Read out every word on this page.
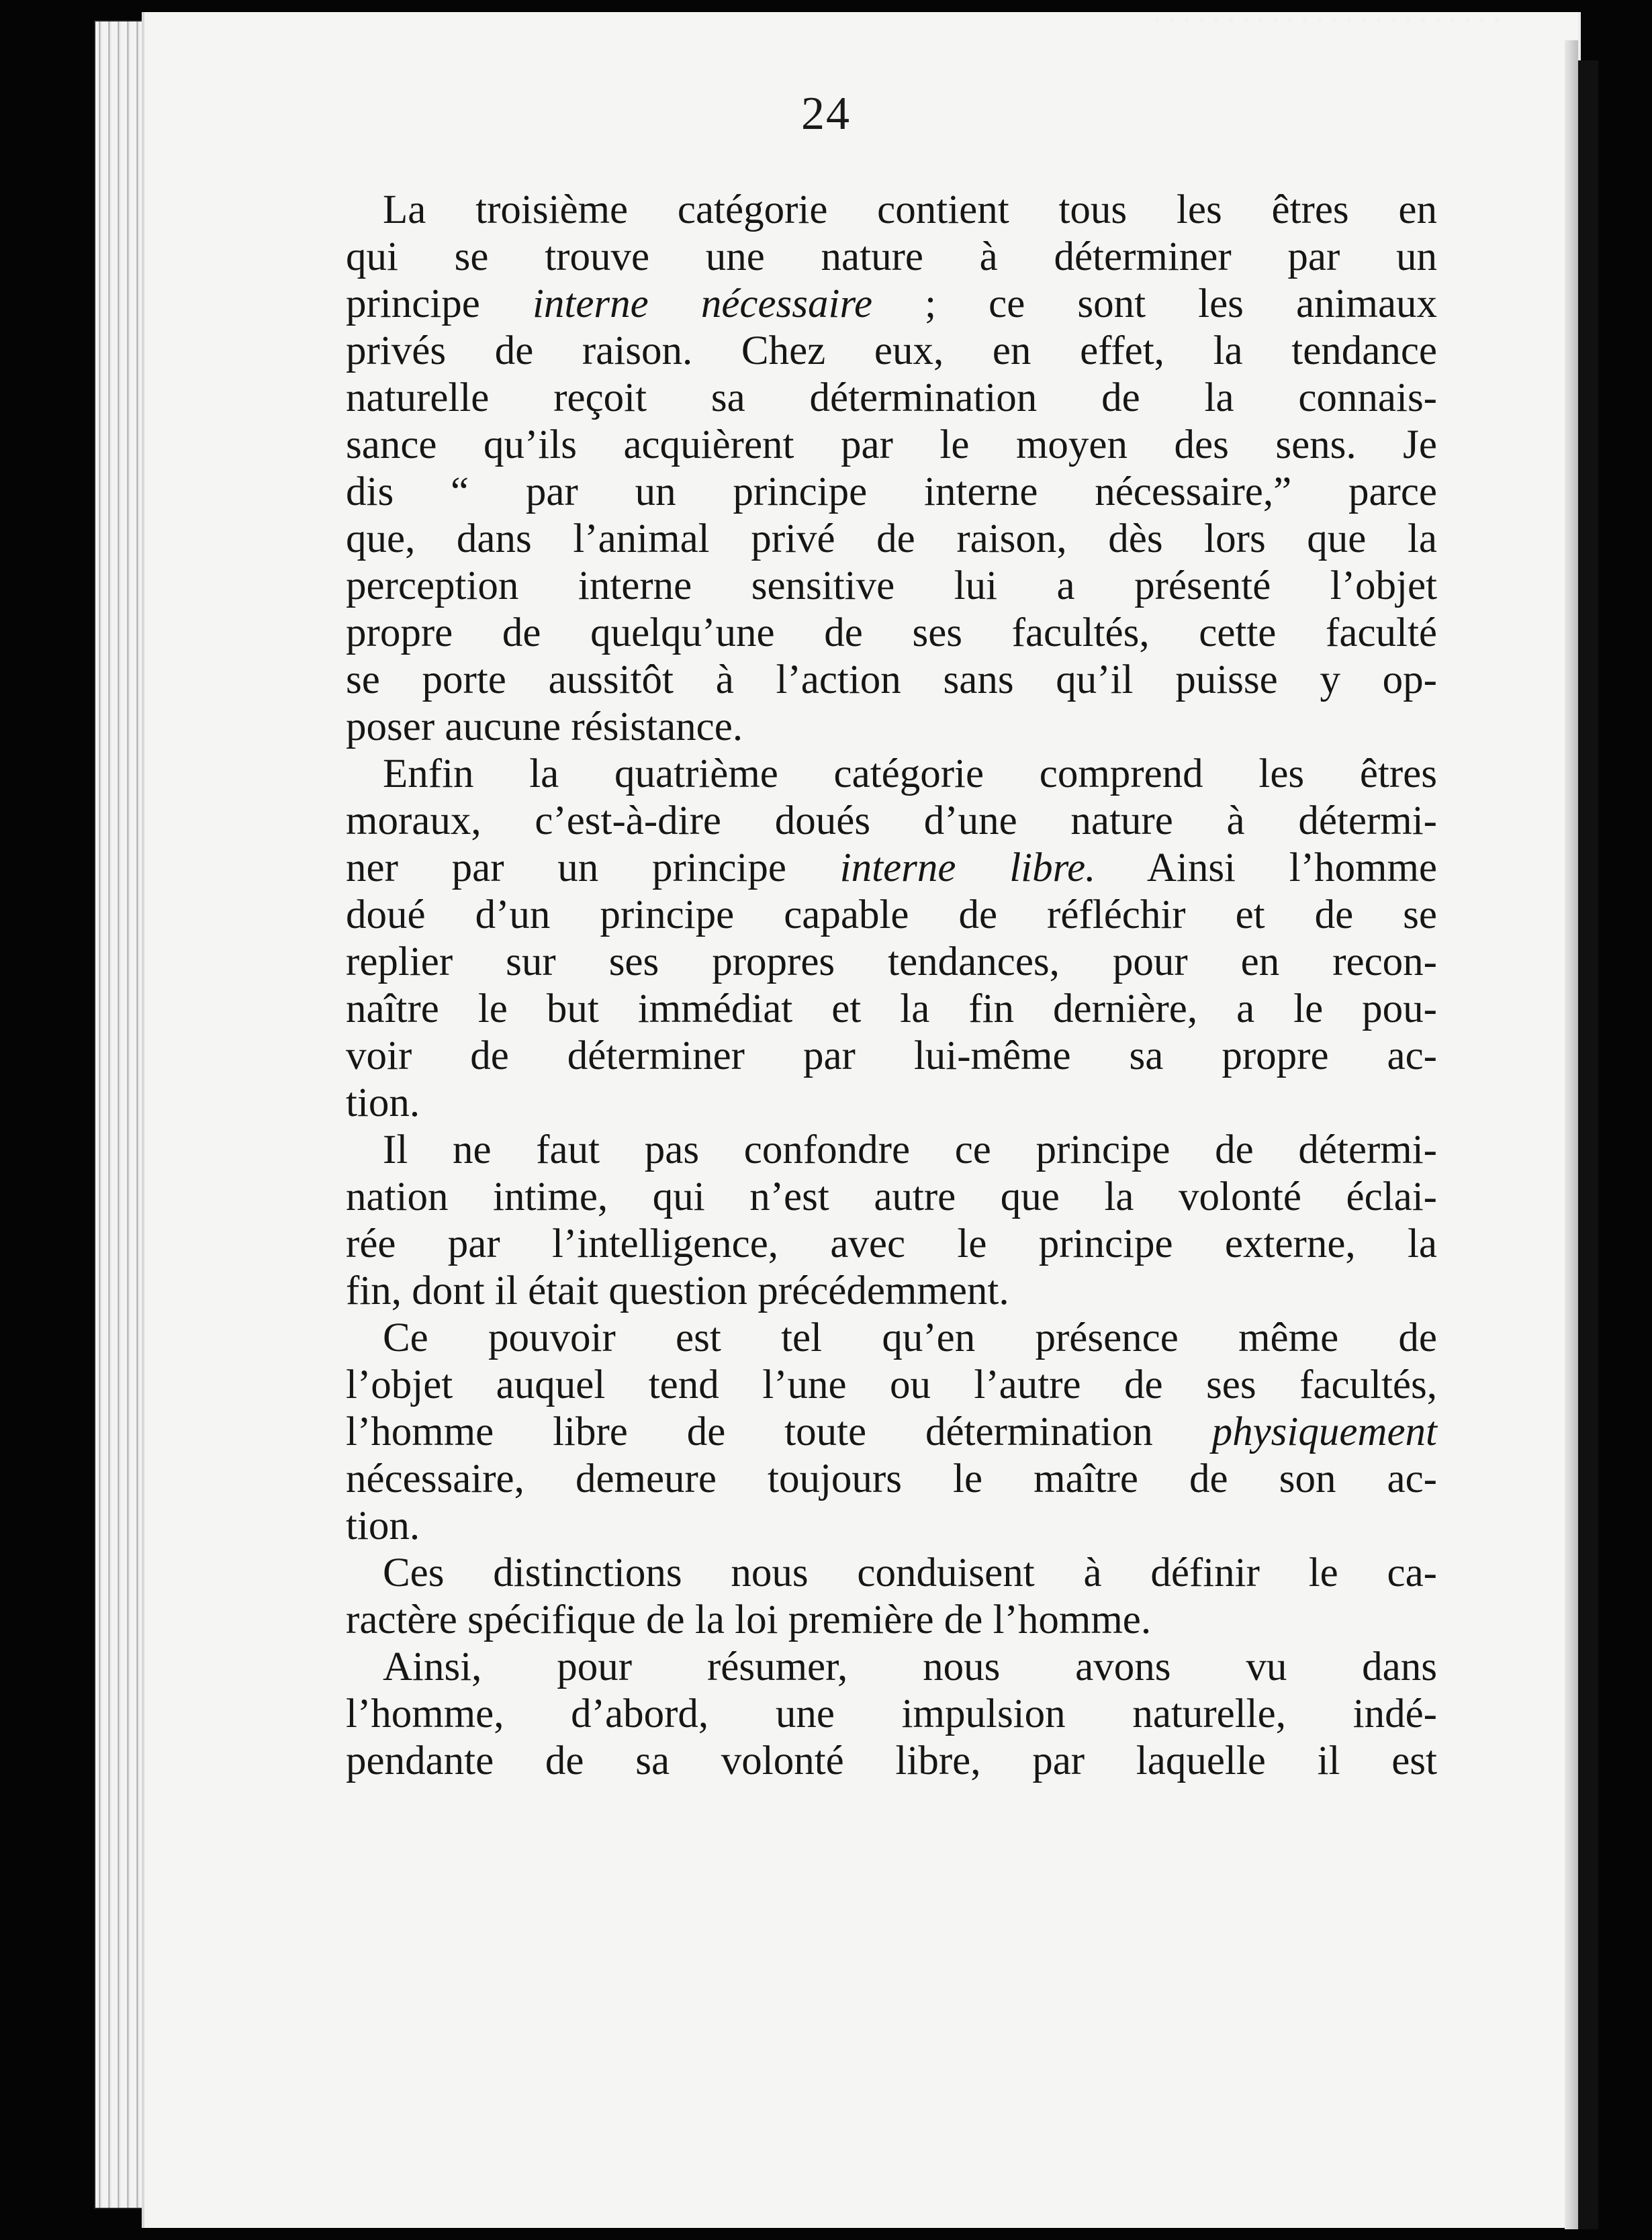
24
La troisième catégorie contient tous les êtres en
qui se trouve une nature à déterminer par un
principe interne nécessaire ; ce sont les animaux
privés de raison. Chez eux, en effet, la tendance
naturelle reçoit sa détermination de la connais-
sance qu’ils acquièrent par le moyen des sens. Je
dis “ par un principe interne nécessaire,” parce
que, dans l’animal privé de raison, dès lors que la
perception interne sensitive lui a présenté l’objet
propre de quelqu’une de ses facultés, cette faculté
se porte aussitôt à l’action sans qu’il puisse y op-
poser aucune résistance.
Enfin la quatrième catégorie comprend les êtres
moraux, c’est-à-dire doués d’une nature à détermi-
ner par un principe interne libre. Ainsi l’homme
doué d’un principe capable de réfléchir et de se
replier sur ses propres tendances, pour en recon-
naître le but immédiat et la fin dernière, a le pou-
voir de déterminer par lui-même sa propre ac-
tion.
Il ne faut pas confondre ce principe de détermi-
nation intime, qui n’est autre que la volonté éclai-
rée par l’intelligence, avec le principe externe, la
fin, dont il était question précédemment.
Ce pouvoir est tel qu’en présence même de
l’objet auquel tend l’une ou l’autre de ses facultés,
l’homme libre de toute détermination physiquement
nécessaire, demeure toujours le maître de son ac-
tion.
Ces distinctions nous conduisent à définir le ca-
ractère spécifique de la loi première de l’homme.
Ainsi, pour résumer, nous avons vu dans
l’homme, d’abord, une impulsion naturelle, indé-
pendante de sa volonté libre, par laquelle il est
